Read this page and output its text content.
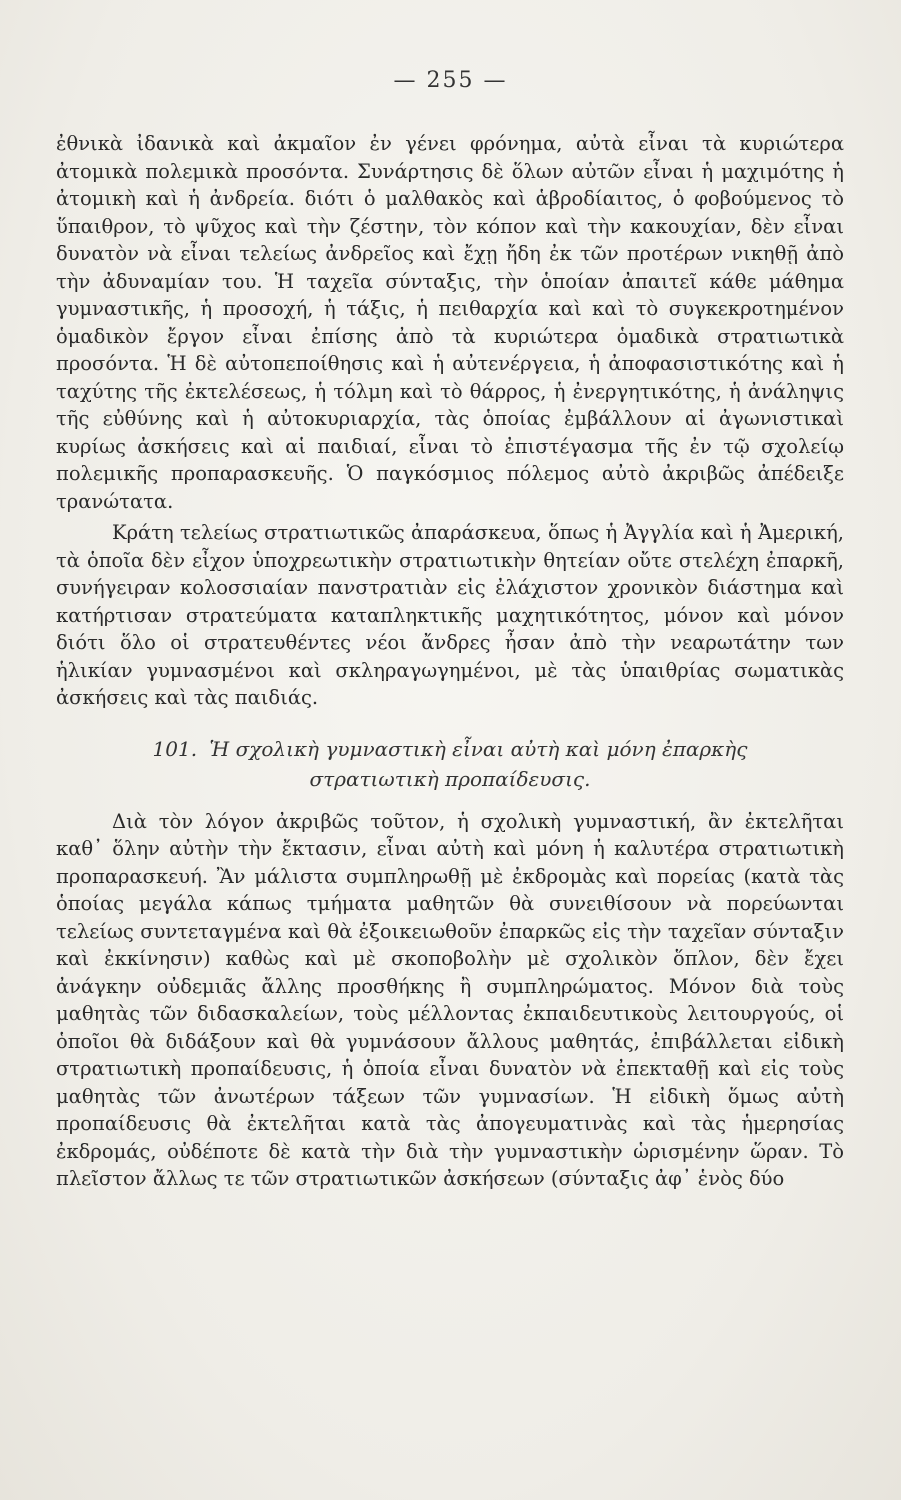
— 255 —

ἐθνικὰ ἰδανικὰ καὶ ἀκμαῖον ἐν γένει φρόνημα, αὐτὰ εἶναι τὰ κυριώτερα ἀτομικὰ πολεμικὰ προσόντα. Συνάρτησις δὲ ὅλων αὐτῶν εἶναι ἡ μαχιμότης ἡ ἀτομικὴ καὶ ἡ ἀνδρεία. διότι ὁ μαλθακὸς καὶ ἁβροδίαιτος, ὁ φοβούμενος τὸ ὕπαιθρον, τὸ ψῦχος καὶ τὴν ζέστην, τὸν κόπον καὶ τὴν κακουχίαν, δὲν εἶναι δυνατὸν νὰ εἶναι τελείως ἀνδρεῖος καὶ ἔχῃ ἤδη ἐκ τῶν προτέρων νικηθῇ ἀπὸ τὴν ἀδυναμίαν του. Ἡ ταχεῖα σύνταξις, τὴν ὁποίαν ἀπαιτεῖ κάθε μάθημα γυμναστικῆς, ἡ προσοχή, ἡ τάξις, ἡ πειθαρχία καὶ καὶ τὸ συγκεκροτημένον ὁμαδικὸν ἔργον εἶναι ἐπίσης ἀπὸ τὰ κυριώτερα ὁμαδικὰ στρατιωτικὰ προσόντα. Ἡ δὲ αὐτοπεποίθησις καὶ ἡ αὐτενέργεια, ἡ ἀποφασιστικότης καὶ ἡ ταχύτης τῆς ἐκτελέσεως, ἡ τόλμη καὶ τὸ θάρρος, ἡ ἐνεργητικότης, ἡ ἀνάληψις τῆς εὐθύνης καὶ ἡ αὐτοκυριαρχία, τὰς ὁποίας ἐμβάλλουν αἱ ἀγωνιστικαὶ κυρίως ἀσκήσεις καὶ αἱ παιδιαί, εἶναι τὸ ἐπιστέγασμα τῆς ἐν τῷ σχολείῳ πολεμικῆς προπαρασκευῆς. Ὁ παγκόσμιος πόλεμος αὐτὸ ἀκριβῶς ἀπέδειξε τρανώτατα.

Κράτη τελείως στρατιωτικῶς ἀπαράσκευα, ὅπως ἡ Ἀγγλία καὶ ἡ Ἀμερική, τὰ ὁποῖα δὲν εἶχον ὑποχρεωτικὴν στρατιωτικὴν θητείαν οὔτε στελέχη ἐπαρκῆ, συνήγειραν κολοσσιαίαν πανστρατιὰν εἰς ἐλάχιστον χρονικὸν διάστημα καὶ κατήρτισαν στρατεύματα καταπληκτικῆς μαχητικότητος, μόνον καὶ μόνον διότι ὅλο οἱ στρατευθέντες νέοι ἄνδρες ἦσαν ἀπὸ τὴν νεαρωτάτην των ἡλικίαν γυμνασμένοι καὶ σκληραγωγημένοι, μὲ τὰς ὑπαιθρίας σωματικὰς ἀσκήσεις καὶ τὰς παιδιάς.

101. Ἡ σχολικὴ γυμναστικὴ εἶναι αὐτὴ καὶ μόνη ἐπαρκὴς
στρατιωτικὴ προπαίδευσις.

Διὰ τὸν λόγον ἀκριβῶς τοῦτον, ἡ σχολικὴ γυμναστική, ἂν ἐκτελῆται καθ᾽ ὅλην αὐτὴν τὴν ἔκτασιν, εἶναι αὐτὴ καὶ μόνη ἡ καλυτέρα στρατιωτικὴ προπαρασκευή. Ἂν μάλιστα συμπληρωθῇ μὲ ἐκδρομὰς καὶ πορείας (κατὰ τὰς ὁποίας μεγάλα κάπως τμήματα μαθητῶν θὰ συνειθίσουν νὰ πορεύωνται τελείως συντεταγμένα καὶ θὰ ἐξοικειωθοῦν ἐπαρκῶς εἰς τὴν ταχεῖαν σύνταξιν καὶ ἐκκίνησιν) καθὼς καὶ μὲ σκοποβολὴν μὲ σχολικὸν ὅπλον, δὲν ἔχει ἀνάγκην οὐδεμιᾶς ἄλλης προσθήκης ἢ συμπληρώματος. Μόνον διὰ τοὺς μαθητὰς τῶν διδασκαλείων, τοὺς μέλλοντας ἐκπαιδευτικοὺς λειτουργούς, οἱ ὁποῖοι θὰ διδάξουν καὶ θὰ γυμνάσουν ἄλλους μαθητάς, ἐπιβάλλεται εἰδικὴ στρατιωτικὴ προπαίδευσις, ἡ ὁποία εἶναι δυνατὸν νὰ ἐπεκταθῇ καὶ εἰς τοὺς μαθητὰς τῶν ἀνωτέρων τάξεων τῶν γυμνασίων. Ἡ εἰδικὴ ὅμως αὐτὴ προπαίδευσις θὰ ἐκτελῆται κατὰ τὰς ἀπογευματινὰς καὶ τὰς ἡμερησίας ἐκδρομάς, οὐδέποτε δὲ κατὰ τὴν διὰ τὴν γυμναστικὴν ὡρισμένην ὥραν. Τὸ πλεῖστον ἄλλως τε τῶν στρατιωτικῶν ἀσκήσεων (σύνταξις ἀφ᾽ ἑνὸς δύο
